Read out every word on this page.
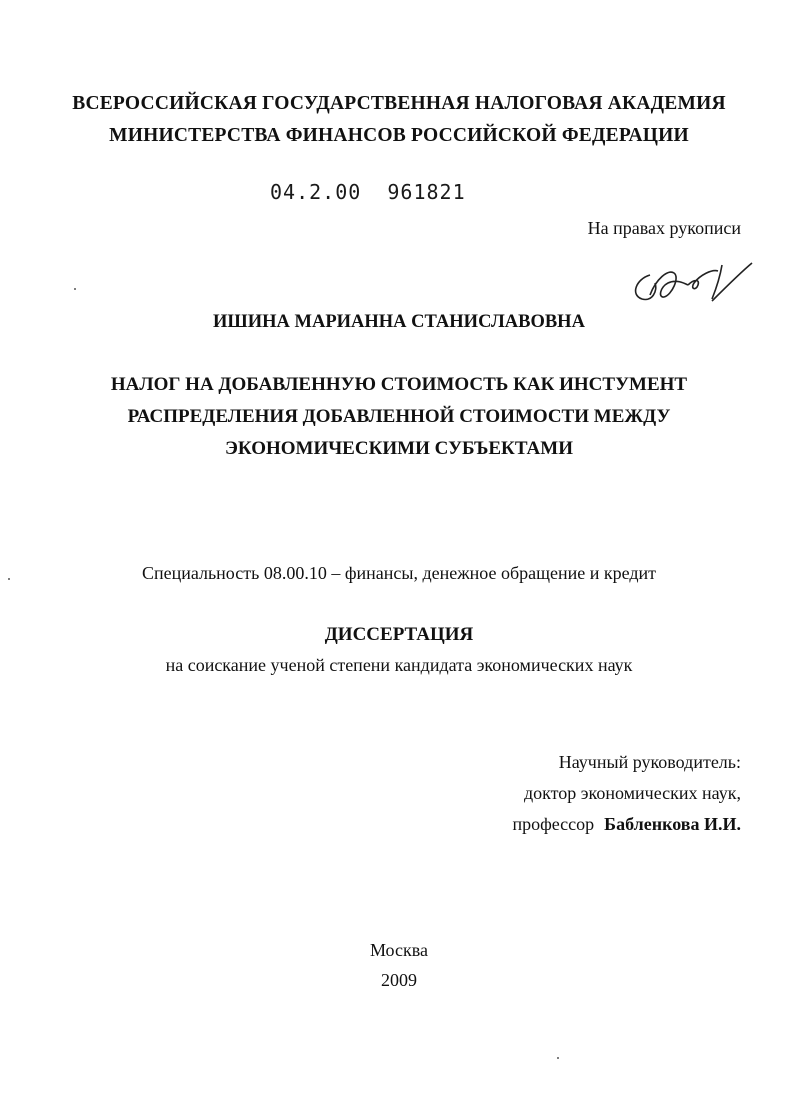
ВСЕРОССИЙСКАЯ ГОСУДАРСТВЕННАЯ НАЛОГОВАЯ АКАДЕМИЯ
МИНИСТЕРСТВА ФИНАНСОВ РОССИЙСКОЙ ФЕДЕРАЦИИ
04.2.00  961821
На правах рукописи
ИШИНА МАРИАННА СТАНИСЛАВОВНА
НАЛОГ НА ДОБАВЛЕННУЮ СТОИМОСТЬ КАК ИНСТУМЕНТ
РАСПРЕДЕЛЕНИЯ ДОБАВЛЕННОЙ СТОИМОСТИ МЕЖДУ
ЭКОНОМИЧЕСКИМИ СУБЪЕКТАМИ
Специальность 08.00.10 – финансы, денежное обращение и кредит
ДИССЕРТАЦИЯ
на соискание ученой степени кандидата экономических наук
Научный руководитель:
доктор экономических наук,
профессор Бабленкова И.И.
Москва
2009
